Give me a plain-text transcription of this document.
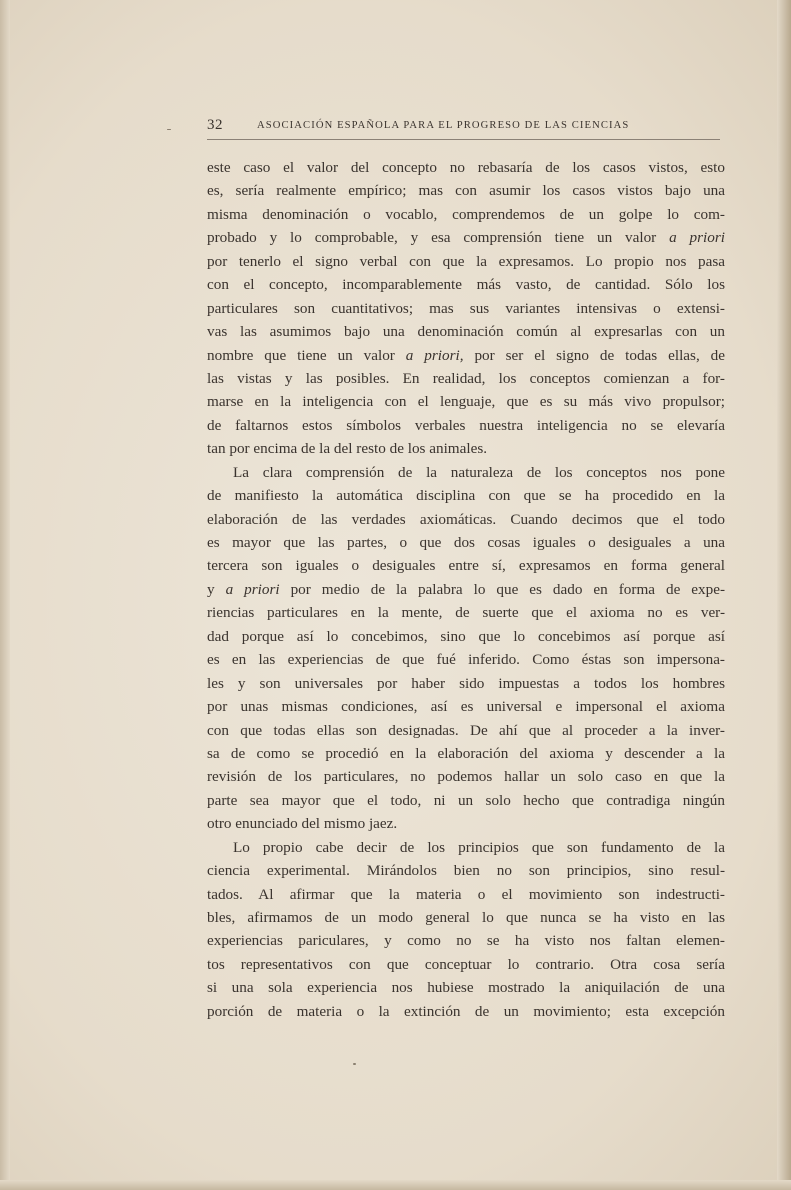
32	ASOCIACIÓN ESPAÑOLA PARA EL PROGRESO DE LAS CIENCIAS
este caso el valor del concepto no rebasaría de los casos vistos, esto
es, sería realmente empírico; mas con asumir los casos vistos bajo una
misma denominación o vocablo, comprendemos de un golpe lo com-
probado y lo comprobable, y esa comprensión tiene un valor a priori
por tenerlo el signo verbal con que la expresamos. Lo propio nos pasa
con el concepto, incomparablemente más vasto, de cantidad. Sólo los
particulares son cuantitativos; mas sus variantes intensivas o extensi-
vas las asumimos bajo una denominación común al expresarlas con un
nombre que tiene un valor a priori, por ser el signo de todas ellas, de
las vistas y las posibles. En realidad, los conceptos comienzan a for-
marse en la inteligencia con el lenguaje, que es su más vivo propulsor;
de faltarnos estos símbolos verbales nuestra inteligencia no se elevaría
tan por encima de la del resto de los animales.
La clara comprensión de la naturaleza de los conceptos nos pone
de manifiesto la automática disciplina con que se ha procedido en la
elaboración de las verdades axiomáticas. Cuando decimos que el todo
es mayor que las partes, o que dos cosas iguales o desiguales a una
tercera son iguales o desiguales entre sí, expresamos en forma general
y a priori por medio de la palabra lo que es dado en forma de expe-
riencias particulares en la mente, de suerte que el axioma no es ver-
dad porque así lo concebimos, sino que lo concebimos así porque así
es en las experiencias de que fué inferido. Como éstas son impersona-
les y son universales por haber sido impuestas a todos los hombres
por unas mismas condiciones, así es universal e impersonal el axioma
con que todas ellas son designadas. De ahí que al proceder a la inver-
sa de como se procedió en la elaboración del axioma y descender a la
revisión de los particulares, no podemos hallar un solo caso en que la
parte sea mayor que el todo, ni un solo hecho que contradiga ningún
otro enunciado del mismo jaez.
Lo propio cabe decir de los principios que son fundamento de la
ciencia experimental. Mirándolos bien no son principios, sino resul-
tados. Al afirmar que la materia o el movimiento son indestructi-
bles, afirmamos de un modo general lo que nunca se ha visto en las
experiencias pariculares, y como no se ha visto nos faltan elemen-
tos representativos con que conceptuar lo contrario. Otra cosa sería
si una sola experiencia nos hubiese mostrado la aniquilación de una
porción de materia o la extinción de un movimiento; esta excepción
